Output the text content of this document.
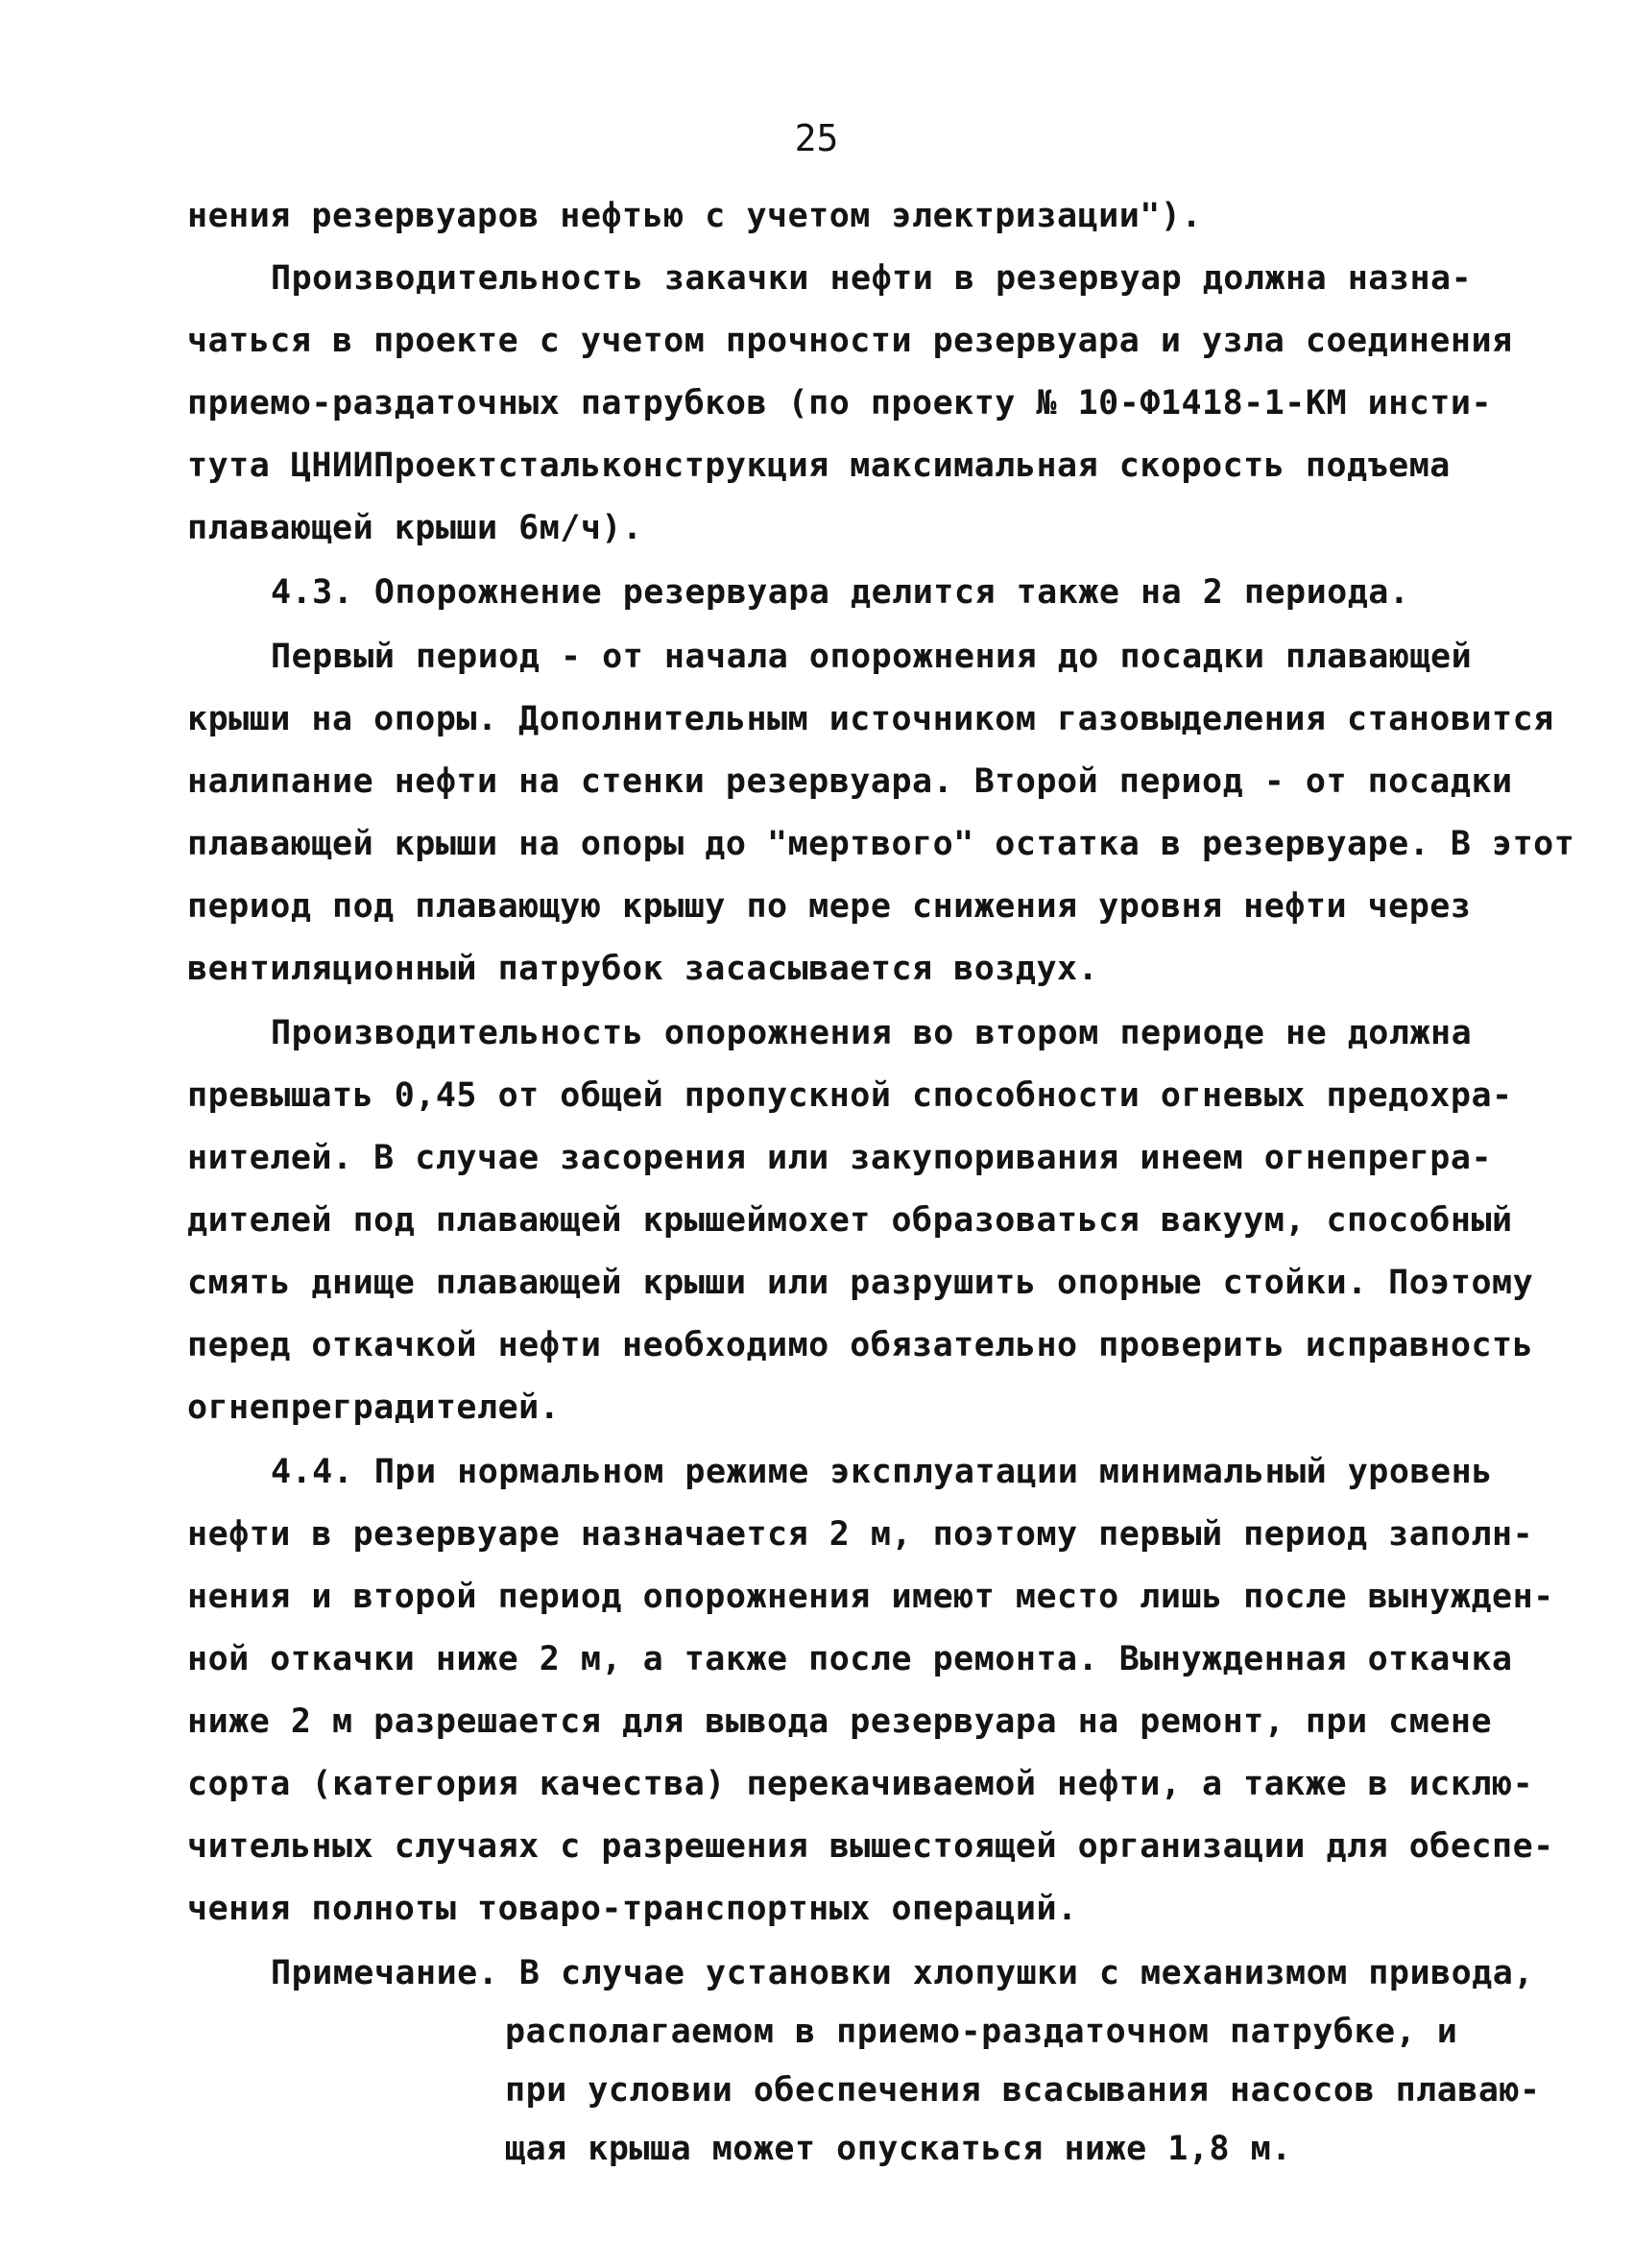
25
нения резервуаров нефтью с учетом электризации").
Производительность закачки нефти в резервуар должна назна-
чаться в проекте с учетом прочности резервуара и узла соединения
приемо-раздаточных патрубков (по проекту № 10-Ф1418-1-КМ инсти-
тута ЦНИИПроектстальконструкция максимальная скорость подъема
плавающей крыши 6м/ч).
4.3. Опорожнение резервуара делится также на 2 периода.
Первый период - от начала опорожнения до посадки плавающей
крыши на опоры. Дополнительным источником газовыделения становится
налипание нефти на стенки резервуара. Второй период - от посадки
плавающей крыши на опоры до "мертвого" остатка в резервуаре. В этот
период под плавающую крышу по мере снижения уровня нефти через
вентиляционный патрубок засасывается воздух.
Производительность опорожнения во втором периоде не должна
превышать 0,45 от общей пропускной способности огневых предохра-
нителей. В случае засорения или закупоривания инеем огнепрегра-
дителей под плавающей крышеймохет образоваться вакуум, способный
смять днище плавающей крыши или разрушить опорные стойки. Поэтому
перед откачкой нефти необходимо обязательно проверить исправность
огнепреградителей.
4.4. При нормальном режиме эксплуатации минимальный уровень
нефти в резервуаре назначается 2 м, поэтому первый период заполн-
нения и второй период опорожнения имеют место лишь после вынужден-
ной откачки ниже 2 м, а также после ремонта. Вынужденная откачка
ниже 2 м разрешается для вывода резервуара на ремонт, при смене
сорта (категория качества) перекачиваемой нефти, а также в исклю-
чительных случаях с разрешения вышестоящей организации для обеспе-
чения полноты товаро-транспортных операций.
Примечание. В случае установки хлопушки с механизмом привода,
располагаемом в приемо-раздаточном патрубке, и
при условии обеспечения всасывания насосов плаваю-
щая крыша может опускаться ниже 1,8 м.
